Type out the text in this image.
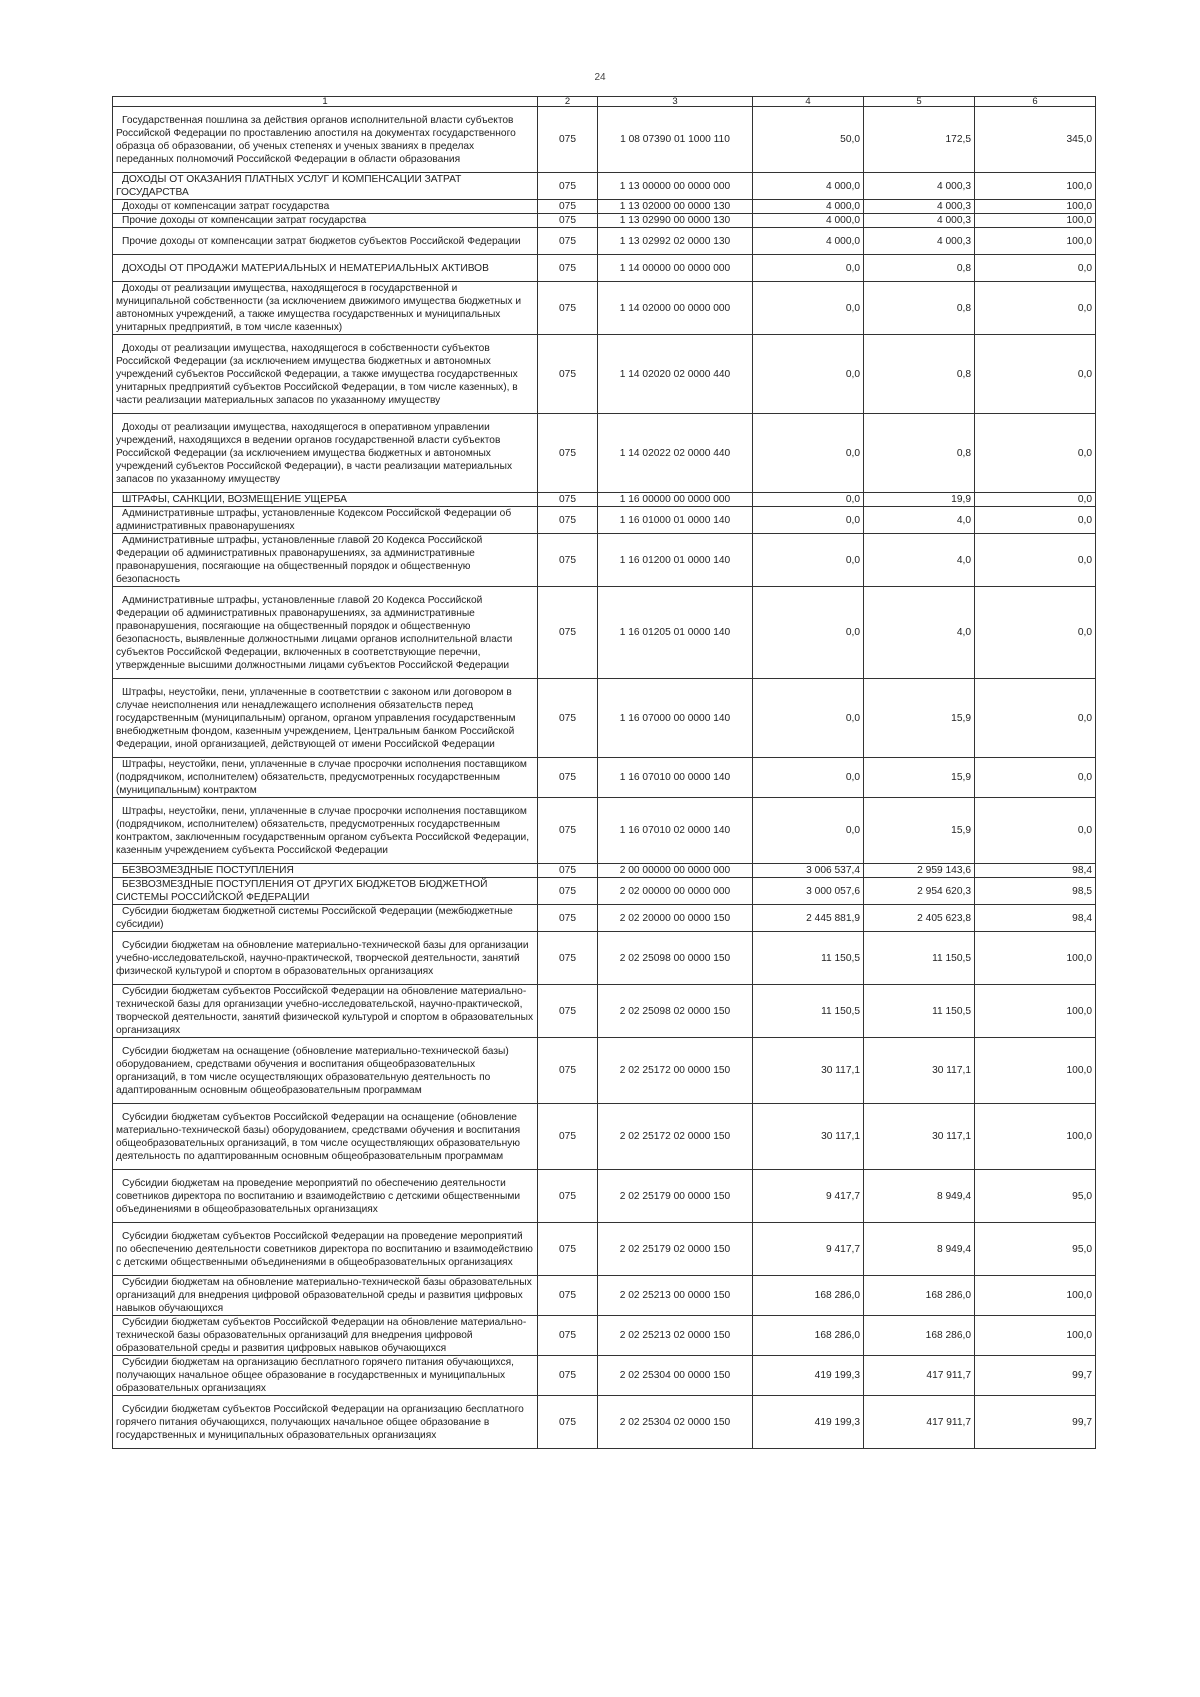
24
1	2	3	4	5	6
Государственная пошлина за действия органов исполнительной власти субъектов Российской Федерации по проставлению апостиля на документах государственного образца об образовании, об ученых степенях и ученых званиях в пределах переданных полномочий Российской Федерации в области образования	075	1 08 07390 01 1000 110	50,0	172,5	345,0
ДОХОДЫ ОТ ОКАЗАНИЯ ПЛАТНЫХ УСЛУГ И КОМПЕНСАЦИИ ЗАТРАТ ГОСУДАРСТВА	075	1 13 00000 00 0000 000	4 000,0	4 000,3	100,0
Доходы от компенсации затрат государства	075	1 13 02000 00 0000 130	4 000,0	4 000,3	100,0
Прочие доходы от компенсации затрат государства	075	1 13 02990 00 0000 130	4 000,0	4 000,3	100,0
Прочие доходы от компенсации затрат бюджетов субъектов Российской Федерации	075	1 13 02992 02 0000 130	4 000,0	4 000,3	100,0
ДОХОДЫ ОТ ПРОДАЖИ МАТЕРИАЛЬНЫХ И НЕМАТЕРИАЛЬНЫХ АКТИВОВ	075	1 14 00000 00 0000 000	0,0	0,8	0,0
Доходы от реализации имущества, находящегося в государственной и муниципальной собственности (за исключением движимого имущества бюджетных и автономных учреждений, а также имущества государственных и муниципальных унитарных предприятий, в том числе казенных)	075	1 14 02000 00 0000 000	0,0	0,8	0,0
Доходы от реализации имущества, находящегося в собственности субъектов Российской Федерации (за исключением имущества бюджетных и автономных учреждений субъектов Российской Федерации, а также имущества государственных унитарных предприятий субъектов Российской Федерации, в том числе казенных), в части реализации материальных запасов по указанному имуществу	075	1 14 02020 02 0000 440	0,0	0,8	0,0
Доходы от реализации имущества, находящегося в оперативном управлении учреждений, находящихся в ведении органов государственной власти субъектов Российской Федерации (за исключением имущества бюджетных и автономных учреждений субъектов Российской Федерации), в части реализации материальных запасов по указанному имуществу	075	1 14 02022 02 0000 440	0,0	0,8	0,0
ШТРАФЫ, САНКЦИИ, ВОЗМЕЩЕНИЕ УЩЕРБА	075	1 16 00000 00 0000 000	0,0	19,9	0,0
Административные штрафы, установленные Кодексом Российской Федерации об административных правонарушениях	075	1 16 01000 01 0000 140	0,0	4,0	0,0
Административные штрафы, установленные главой 20 Кодекса Российской Федерации об административных правонарушениях, за административные правонарушения, посягающие на общественный порядок и общественную безопасность	075	1 16 01200 01 0000 140	0,0	4,0	0,0
Административные штрафы, установленные главой 20 Кодекса Российской Федерации об административных правонарушениях, за административные правонарушения, посягающие на общественный порядок и общественную безопасность, выявленные должностными лицами органов исполнительной власти субъектов Российской Федерации, включенных в соответствующие перечни, утвержденные высшими должностными лицами субъектов Российской Федерации	075	1 16 01205 01 0000 140	0,0	4,0	0,0
Штрафы, неустойки, пени, уплаченные в соответствии с законом или договором в случае неисполнения или ненадлежащего исполнения обязательств перед государственным (муниципальным) органом, органом управления государственным внебюджетным фондом, казенным учреждением, Центральным банком Российской Федерации, иной организацией, действующей от имени Российской Федерации	075	1 16 07000 00 0000 140	0,0	15,9	0,0
Штрафы, неустойки, пени, уплаченные в случае просрочки исполнения поставщиком (подрядчиком, исполнителем) обязательств, предусмотренных государственным (муниципальным) контрактом	075	1 16 07010 00 0000 140	0,0	15,9	0,0
Штрафы, неустойки, пени, уплаченные в случае просрочки исполнения поставщиком (подрядчиком, исполнителем) обязательств, предусмотренных государственным контрактом, заключенным государственным органом субъекта Российской Федерации, казенным учреждением субъекта Российской Федерации	075	1 16 07010 02 0000 140	0,0	15,9	0,0
БЕЗВОЗМЕЗДНЫЕ ПОСТУПЛЕНИЯ	075	2 00 00000 00 0000 000	3 006 537,4	2 959 143,6	98,4
БЕЗВОЗМЕЗДНЫЕ ПОСТУПЛЕНИЯ ОТ ДРУГИХ БЮДЖЕТОВ БЮДЖЕТНОЙ СИСТЕМЫ РОССИЙСКОЙ ФЕДЕРАЦИИ	075	2 02 00000 00 0000 000	3 000 057,6	2 954 620,3	98,5
Субсидии бюджетам бюджетной системы Российской Федерации (межбюджетные субсидии)	075	2 02 20000 00 0000 150	2 445 881,9	2 405 623,8	98,4
Субсидии бюджетам на обновление материально-технической базы для организации учебно-исследовательской, научно-практической, творческой деятельности, занятий физической культурой и спортом в образовательных организациях	075	2 02 25098 00 0000 150	11 150,5	11 150,5	100,0
Субсидии бюджетам субъектов Российской Федерации на обновление материально-технической базы для организации учебно-исследовательской, научно-практической, творческой деятельности, занятий физической культурой и спортом в образовательных организациях	075	2 02 25098 02 0000 150	11 150,5	11 150,5	100,0
Субсидии бюджетам на оснащение (обновление материально-технической базы) оборудованием, средствами обучения и воспитания общеобразовательных организаций, в том числе осуществляющих образовательную деятельность по адаптированным основным общеобразовательным программам	075	2 02 25172 00 0000 150	30 117,1	30 117,1	100,0
Субсидии бюджетам субъектов Российской Федерации на оснащение (обновление материально-технической базы) оборудованием, средствами обучения и воспитания общеобразовательных организаций, в том числе осуществляющих образовательную деятельность по адаптированным основным общеобразовательным программам	075	2 02 25172 02 0000 150	30 117,1	30 117,1	100,0
Субсидии бюджетам на проведение мероприятий по обеспечению деятельности советников директора по воспитанию и взаимодействию с детскими общественными объединениями в общеобразовательных организациях	075	2 02 25179 00 0000 150	9 417,7	8 949,4	95,0
Субсидии бюджетам субъектов Российской Федерации на проведение мероприятий по обеспечению деятельности советников директора по воспитанию и взаимодействию с детскими общественными объединениями в общеобразовательных организациях	075	2 02 25179 02 0000 150	9 417,7	8 949,4	95,0
Субсидии бюджетам на обновление материально-технической базы образовательных организаций для внедрения цифровой образовательной среды и развития цифровых навыков обучающихся	075	2 02 25213 00 0000 150	168 286,0	168 286,0	100,0
Субсидии бюджетам субъектов Российской Федерации на обновление материально-технической базы образовательных организаций для внедрения цифровой образовательной среды и развития цифровых навыков обучающихся	075	2 02 25213 02 0000 150	168 286,0	168 286,0	100,0
Субсидии бюджетам на организацию бесплатного горячего питания обучающихся, получающих начальное общее образование в государственных и муниципальных образовательных организациях	075	2 02 25304 00 0000 150	419 199,3	417 911,7	99,7
Субсидии бюджетам субъектов Российской Федерации на организацию бесплатного горячего питания обучающихся, получающих начальное общее образование в государственных и муниципальных образовательных организациях	075	2 02 25304 02 0000 150	419 199,3	417 911,7	99,7
